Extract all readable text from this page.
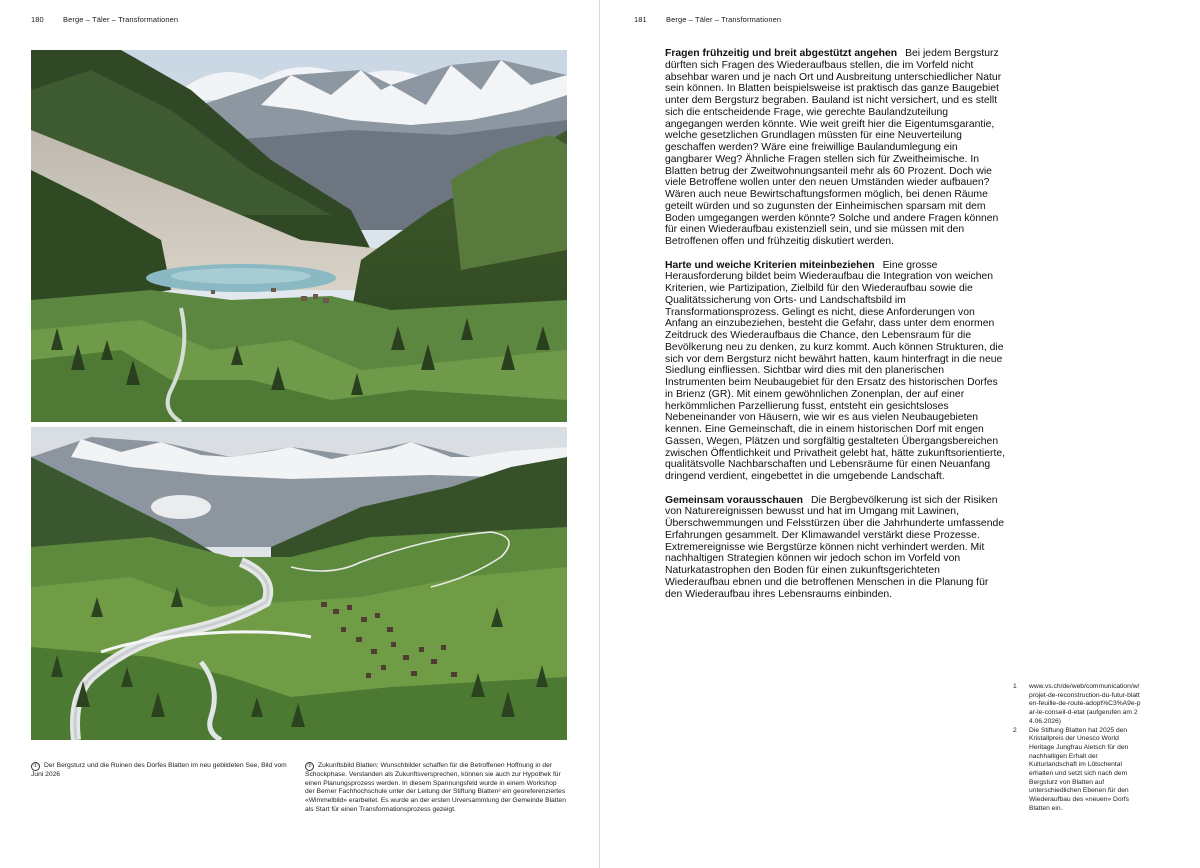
180	Berge – Täler – Transformationen
① Der Bergsturz und die Ruinen des Dorfes Blatten im neu gebildeten See, Bild vom Juni 2026
② Zukunftsbild Blatten: Wunschbilder schaffen für die Betroffenen Hoffnung in der Schockphase. Verstanden als Zukunftsversprechen, können sie auch zur Hypothek für einen Planungsprozess werden. In diesem Spannungsfeld wurde in einem Workshop der Berner Fachhochschule unter der Leitung der Stiftung Blatten² ein georeferenziertes «Wimmelbild» erarbeitet. Es wurde an der ersten Urversammlung der Gemeinde Blatten als Start für einen Transformationsprozess gezeigt.
181	Berge – Täler – Transformationen

Fragen frühzeitig und breit abgestützt angehen Bei jedem Bergsturz dürften sich Fragen des Wiederaufbaus stellen, die im Vorfeld nicht absehbar waren und je nach Ort und Ausbreitung unterschiedlicher Natur sein können. In Blatten beispielsweise ist praktisch das ganze Baugebiet unter dem Bergsturz begraben. Bauland ist nicht versichert, und es stellt sich die entscheidende Frage, wie gerechte Baulandzuteilung angegangen werden könnte. Wie weit greift hier die Eigentumsgarantie, welche gesetzlichen Grundlagen müssten für eine Neuverteilung geschaffen werden? Wäre eine freiwillige Baulandumlegung ein gangbarer Weg? Ähnliche Fragen stellen sich für Zweitheimische. In Blatten betrug der Zweitwohnungsanteil mehr als 60 Prozent. Doch wie viele Betroffene wollen unter den neuen Umständen wieder aufbauen? Wären auch neue Bewirtschaftungsformen möglich, bei denen Räume geteilt würden und so zugunsten der Einheimischen sparsam mit dem Boden umgegangen werden könnte? Solche und andere Fragen können für einen Wiederaufbau existenziell sein, und sie müssen mit den Betroffenen offen und frühzeitig diskutiert werden.

Harte und weiche Kriterien miteinbeziehen Eine grosse Herausforderung bildet beim Wiederaufbau die Integration von weichen Kriterien, wie Partizipation, Zielbild für den Wiederaufbau sowie die Qualitätssicherung von Orts- und Landschaftsbild im Transformationsprozess. Gelingt es nicht, diese Anforderungen von Anfang an einzubeziehen, besteht die Gefahr, dass unter dem enormen Zeitdruck des Wiederaufbaus die Chance, den Lebensraum für die Bevölkerung neu zu denken, zu kurz kommt. Auch können Strukturen, die sich vor dem Bergsturz nicht bewährt hatten, kaum hinterfragt in die neue Siedlung einfliessen. Sichtbar wird dies mit den planerischen Instrumenten beim Neubaugebiet für den Ersatz des historischen Dorfes in Brienz (GR). Mit einem gewöhnlichen Zonenplan, der auf einer herkömmlichen Parzellierung fusst, entsteht ein gesichtsloses Nebeneinander von Häusern, wie wir es aus vielen Neubaugebieten kennen. Eine Gemeinschaft, die in einem historischen Dorf mit engen Gassen, Wegen, Plätzen und sorgfältig gestalteten Übergangsbereichen zwischen Öffentlichkeit und Privatheit gelebt hat, hätte zukunftsorientierte, qualitätsvolle Nachbarschaften und Lebensräume für einen Neuanfang dringend verdient, eingebettet in die umgebende Landschaft.

Gemeinsam vorausschauen Die Bergbevölkerung ist sich der Risiken von Naturereignissen bewusst und hat im Umgang mit Lawinen, Überschwemmungen und Felsstürzen über die Jahrhunderte umfassende Erfahrungen gesammelt. Der Klimawandel verstärkt diese Prozesse. Extremereignisse wie Bergstürze können nicht verhindert werden. Mit nachhaltigen Strategien können wir jedoch schon im Vorfeld von Naturkatastrophen den Boden für einen zukunftsgerichteten Wiederaufbau ebnen und die betroffenen Menschen in die Planung für den Wiederaufbau ihres Lebensraums einbinden.

1	www.vs.ch/de/web/communication/w/projet-de-reconstruction-du-futur-blatten-feuille-de-route-adopt%C3%A9e-par-le-conseil-d-etat (aufgerufen am 24.06.2026)
2	Die Stiftung Blatten hat 2025 den Kristallpreis der Unesco World Heritage Jungfrau Aletsch für den nachhaltigen Erhalt der Kulturlandschaft im Lötschental erhalten und setzt sich nach dem Bergsturz von Blatten auf unterschiedlichen Ebenen für den Wiederaufbau des «neuen» Dorfs Blatten ein.
